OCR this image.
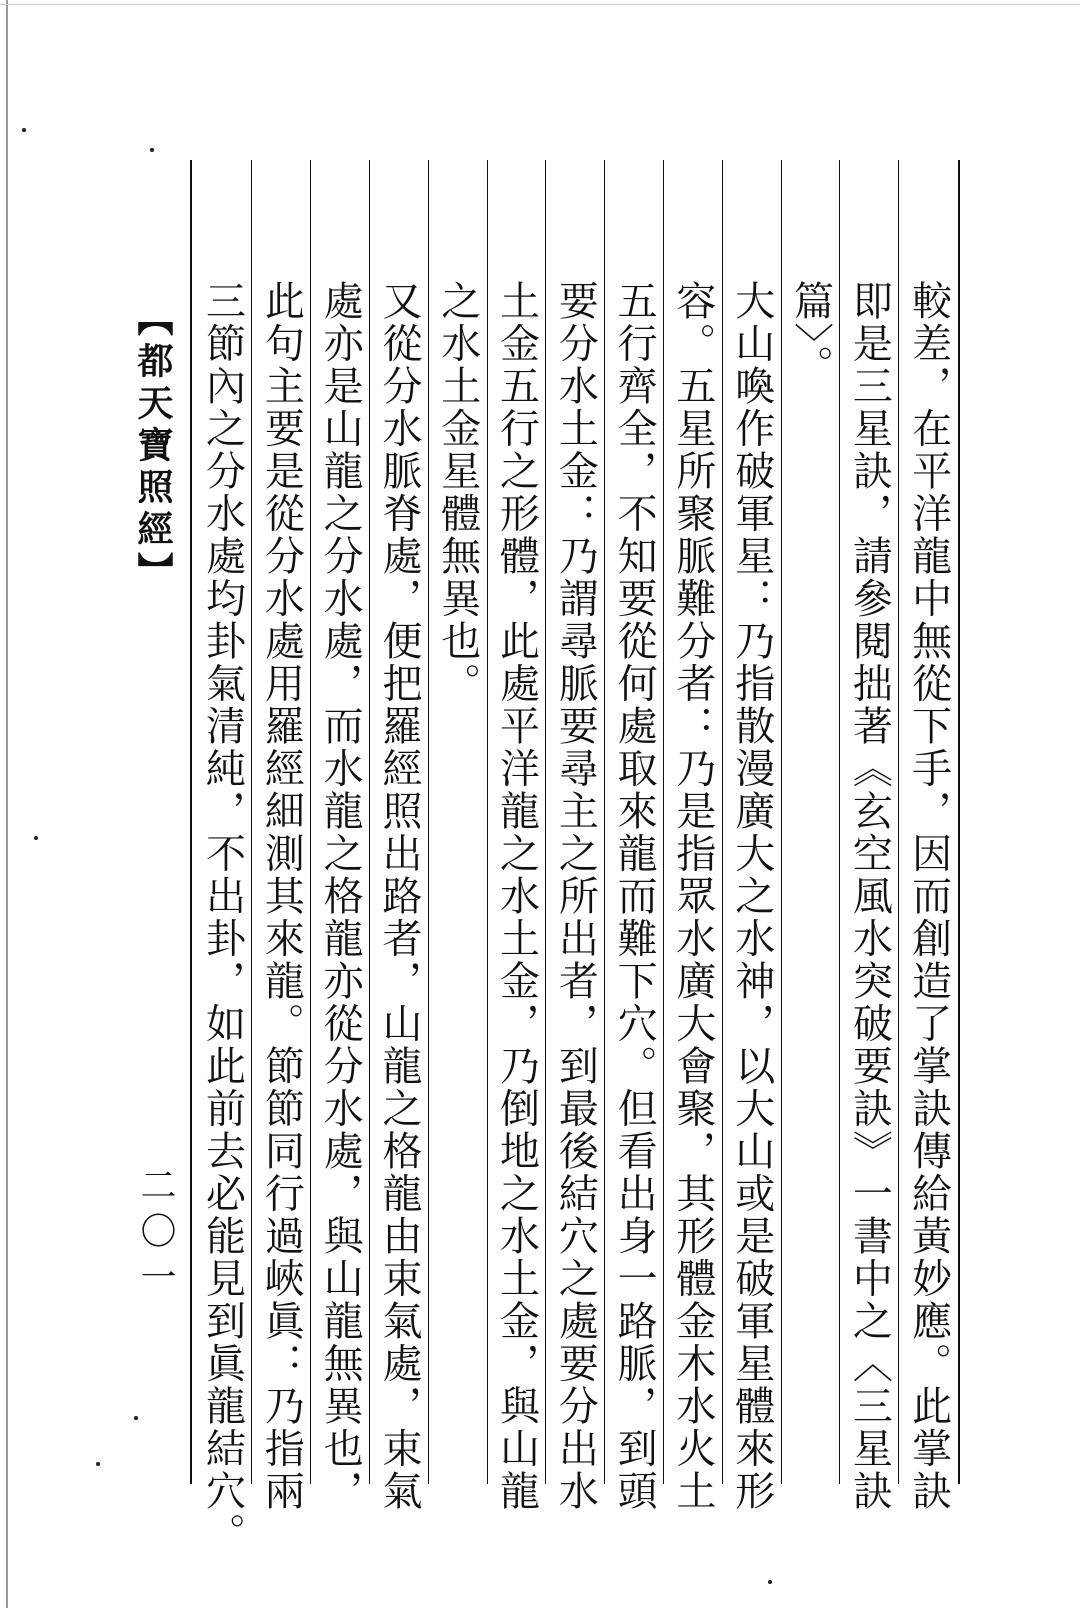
較差，在平洋龍中無從下手，因而創造了掌訣傳給黃妙應。此掌訣
即是三星訣，請參閱拙著《玄空風水突破要訣》一書中之〈三星訣
篇〉。
大山喚作破軍星：乃指散漫廣大之水神，以大山或是破軍星體來形
容。五星所聚脈難分者：乃是指眾水廣大會聚，其形體金木水火土
五行齊全，不知要從何處取來龍而難下穴。但看出身一路脈，到頭
要分水土金：乃謂尋脈要尋主之所出者，到最後結穴之處要分出水
土金五行之形體，此處平洋龍之水土金，乃倒地之水土金，與山龍
之水土金星體無異也。
又從分水脈脊處，便把羅經照出路者，山龍之格龍由束氣處，束氣
處亦是山龍之分水處，而水龍之格龍亦從分水處，與山龍無異也，
此句主要是從分水處用羅經細測其來龍。節節同行過峽眞：乃指兩
三節內之分水處均卦氣清純，不出卦，如此前去必能見到眞龍結穴。
【都天寶照經】
二〇一
